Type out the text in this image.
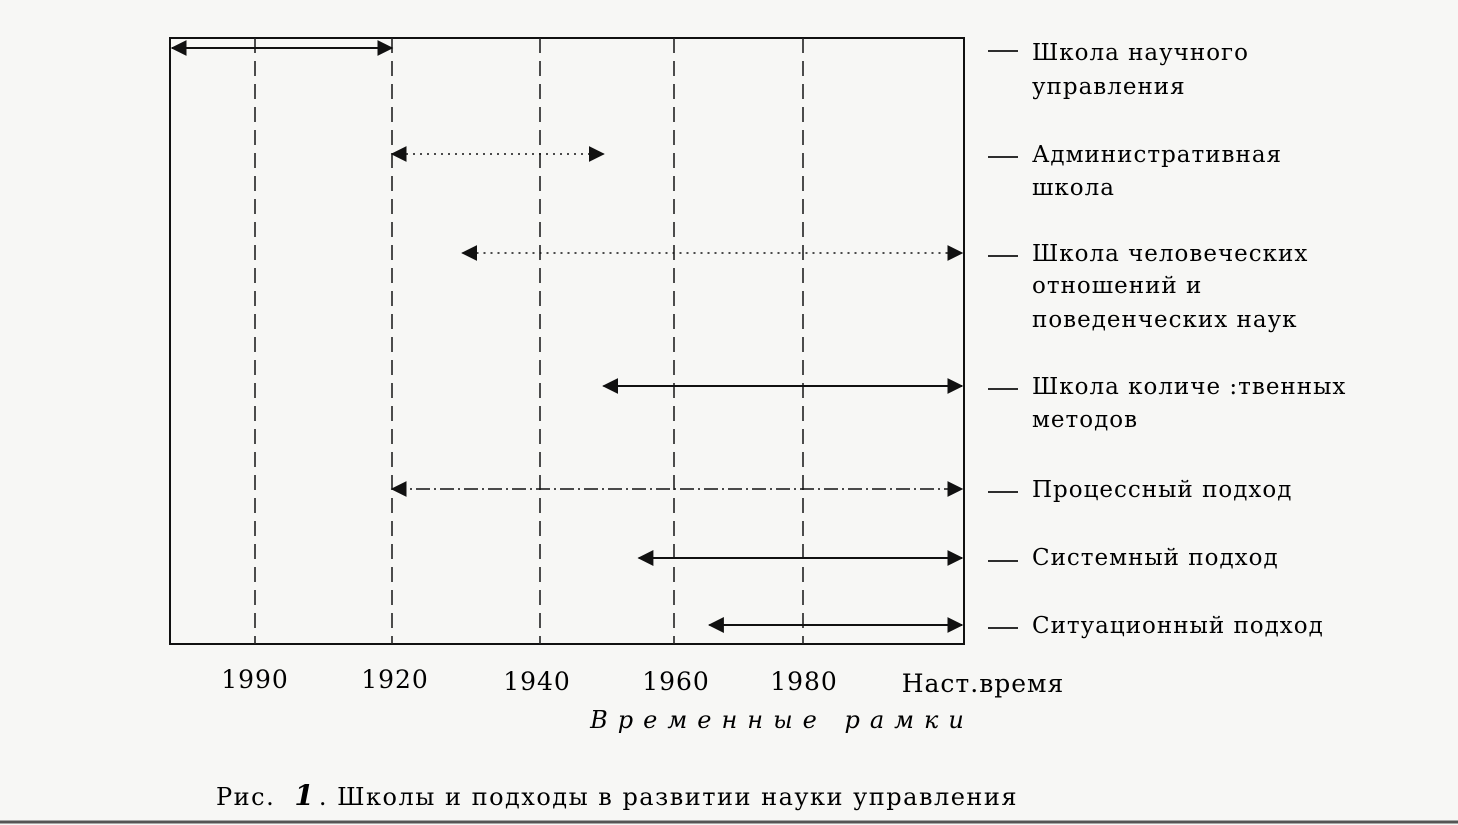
Школа научного
управления
Административная
школа
Школа человеческих
отношений и
поведенческих наук
Школа количе :твенных
методов
Процессный подход
Системный подход
Ситуационный подход
1990	1920	1940	1960 1980	Наст.время
Временные рамки
Рис. 1 . Школы и подходы в развитии науки управления
